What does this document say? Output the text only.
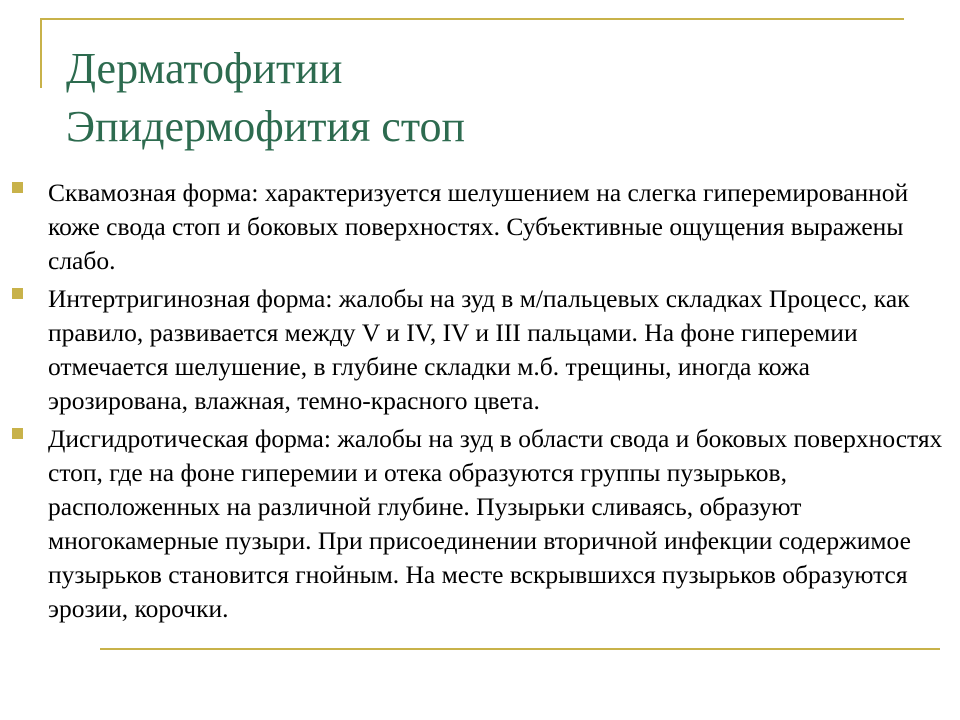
Дерматофитии
Эпидермофития стоп
Сквамозная форма: характеризуется шелушением на слегка гиперемированной коже свода стоп и боковых поверхностях. Субъективные ощущения выражены слабо.
Интертригинозная форма: жалобы на зуд в м/пальцевых складках Процесс, как правило, развивается между V и IV, IV и III пальцами. На фоне гиперемии отмечается шелушение, в глубине складки м.б. трещины, иногда кожа эрозирована, влажная, темно-красного цвета.
Дисгидротическая форма: жалобы на зуд в области свода и боковых поверхностях стоп, где на фоне гиперемии и отека образуются группы пузырьков, расположенных на различной глубине. Пузырьки сливаясь, образуют многокамерные пузыри. При присоединении вторичной инфекции содержимое пузырьков становится гнойным. На месте вскрывшихся пузырьков образуются эрозии, корочки.
